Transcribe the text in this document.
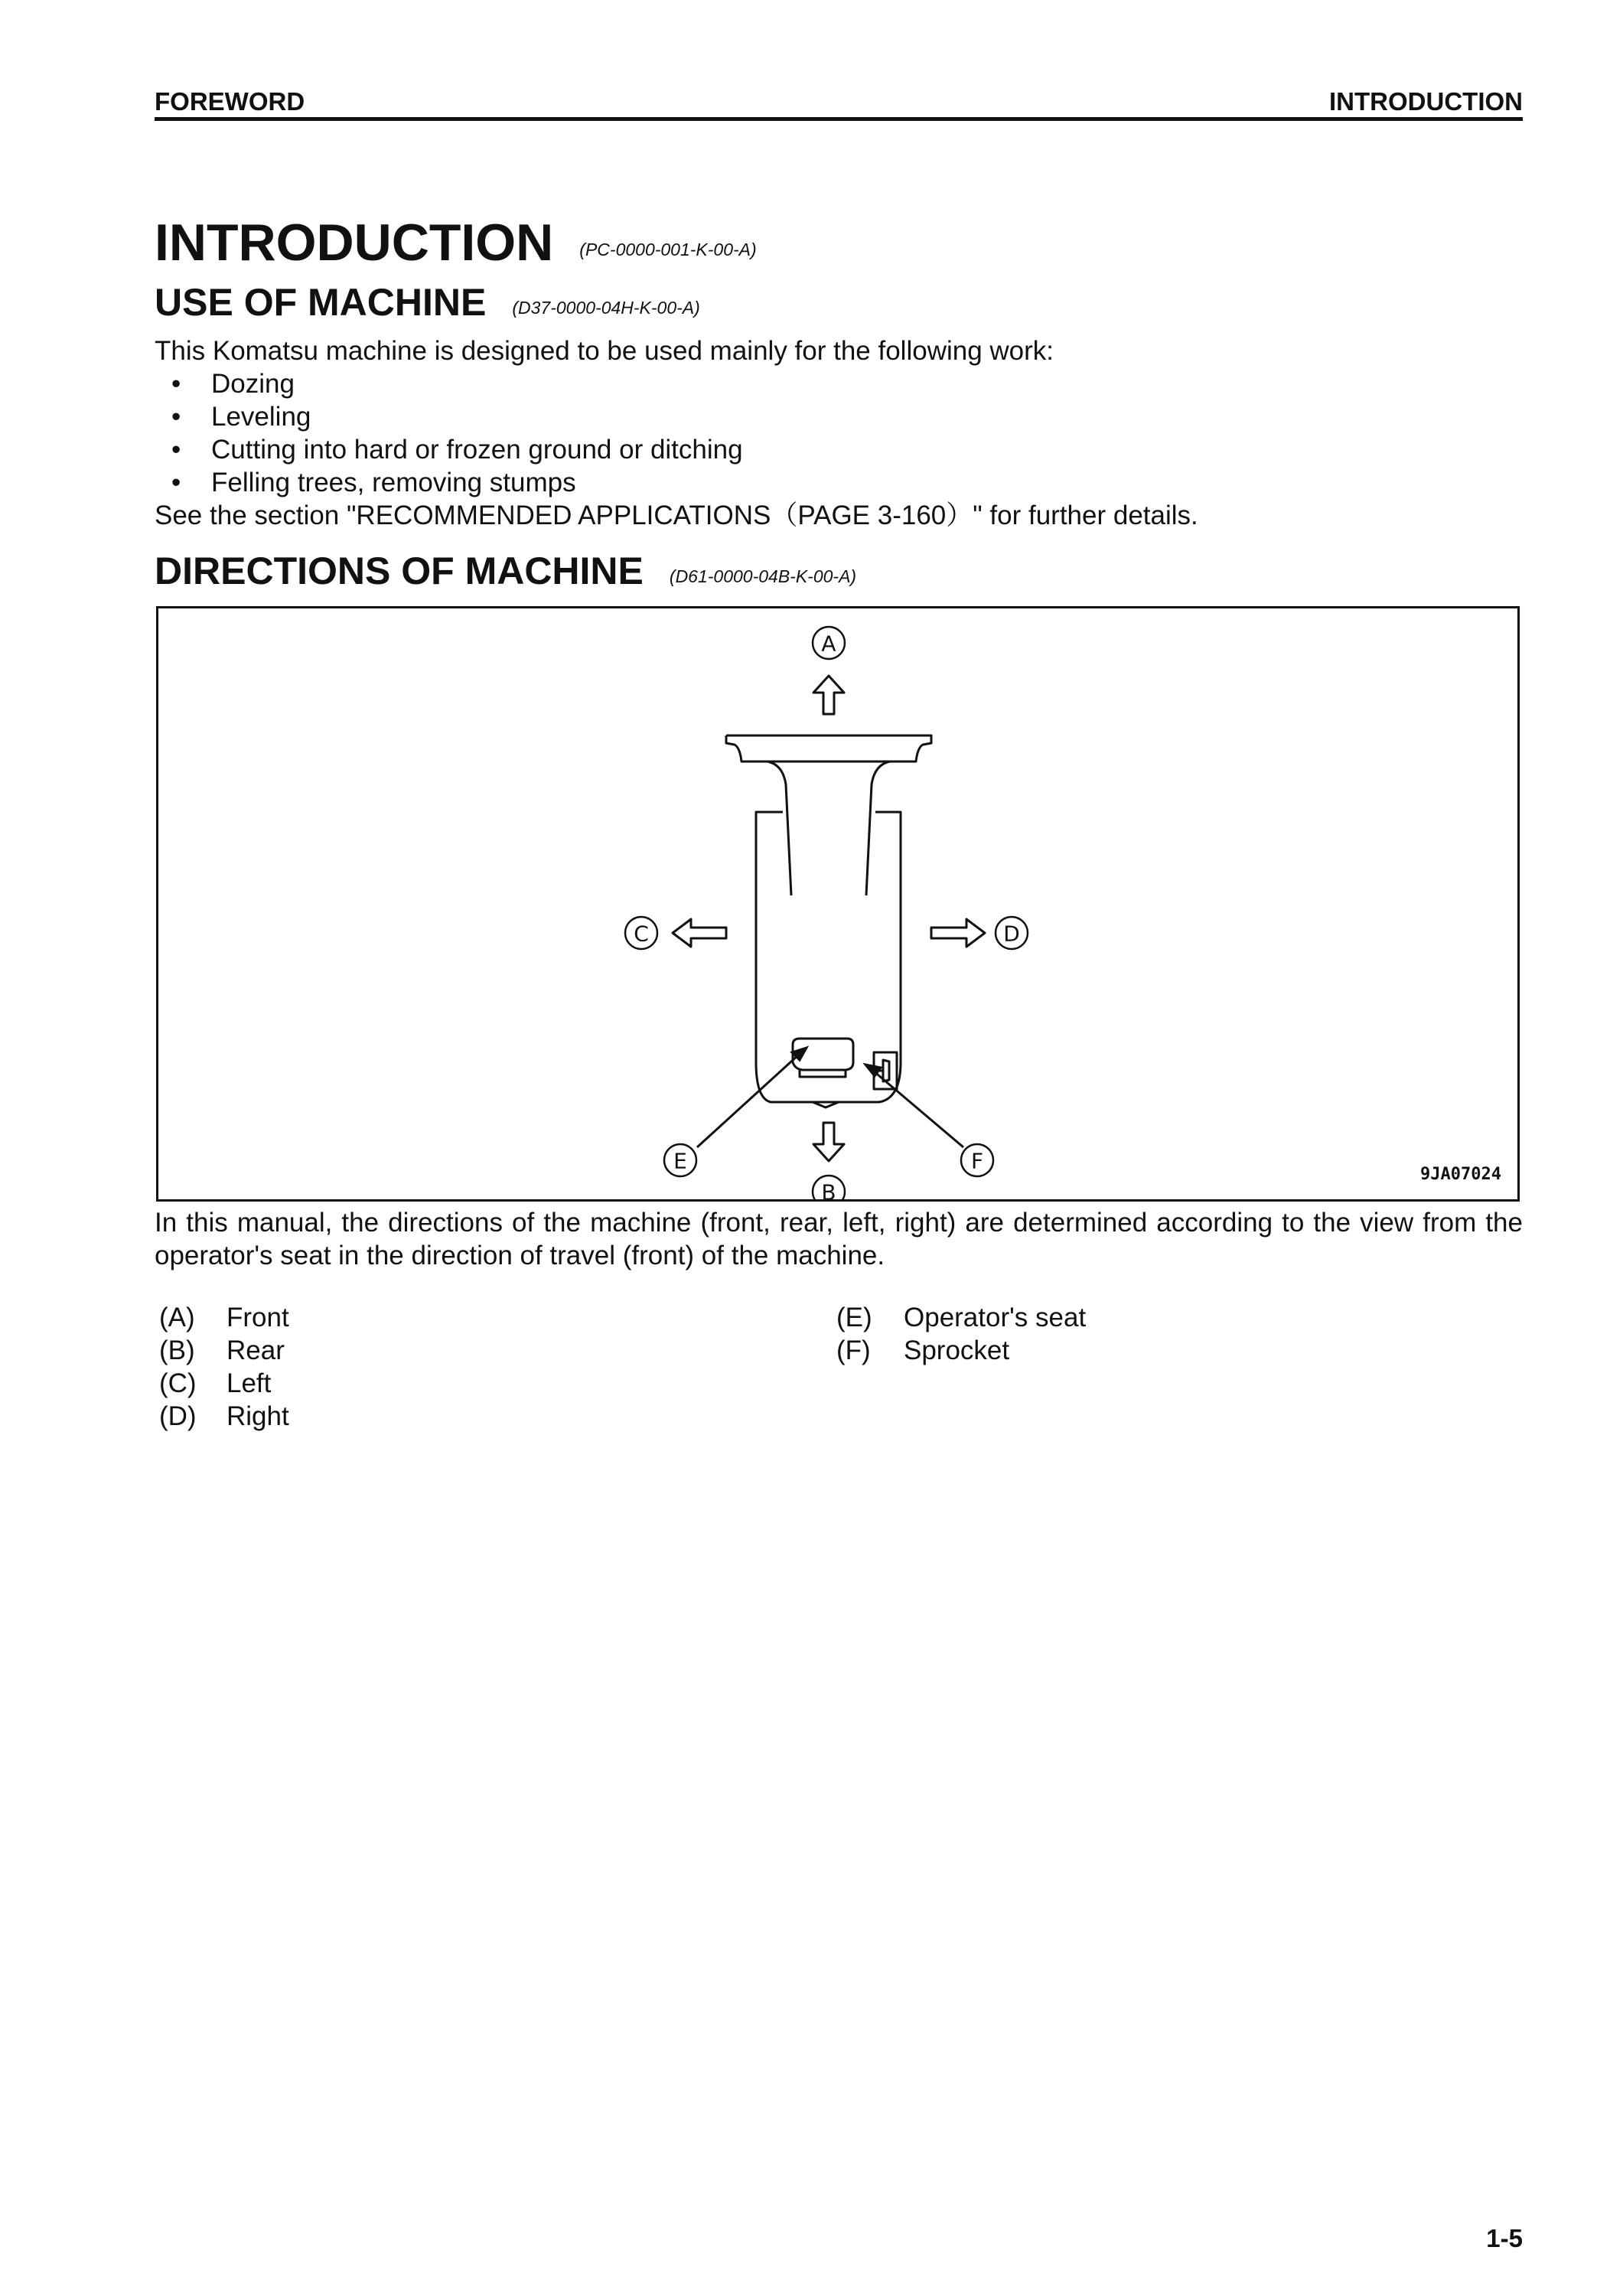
FOREWORD	INTRODUCTION
INTRODUCTION (PC-0000-001-K-00-A)
USE OF MACHINE (D37-0000-04H-K-00-A)
This Komatsu machine is designed to be used mainly for the following work:
• Dozing
• Leveling
• Cutting into hard or frozen ground or ditching
• Felling trees, removing stumps
See the section "RECOMMENDED APPLICATIONS（PAGE 3-160）" for further details.
DIRECTIONS OF MACHINE (D61-0000-04B-K-00-A)
A
B
C	D
E	F
9JA07024
In this manual, the directions of the machine (front, rear, left, right) are determined according to the view from the operator's seat in the direction of travel (front) of the machine.
(A) Front
(B) Rear
(C) Left
(D) Right
(E) Operator's seat
(F) Sprocket
1-5
